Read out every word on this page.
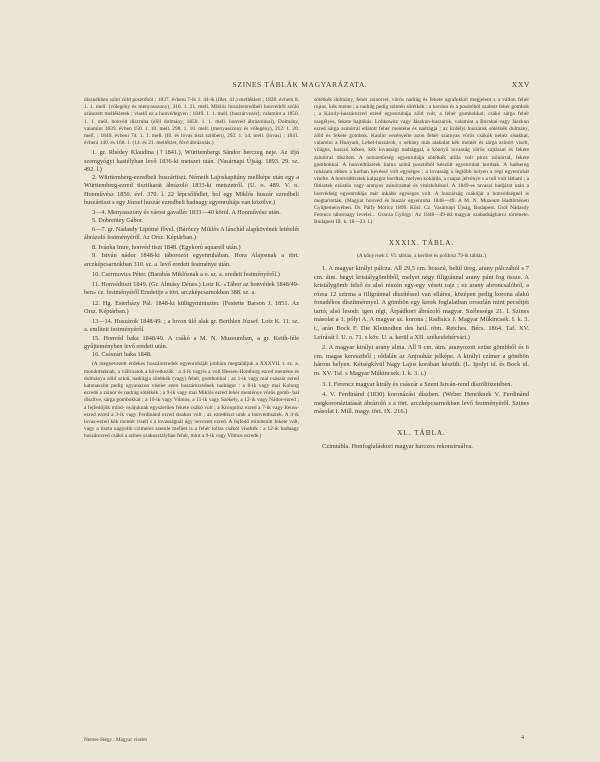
SZINES TÁBLÁK MAGYARÁZATA.	XXV

dísznékben színt zöld posztóból ; 1837. évbeni 7-ik 1. 44-ik (illet. 41.) mellékleti ; 1838. évbeni 8. 1. 1. mell. (vőlegény és menyasszony), 316. 1. 21. mell. Miklós huszárezredbeli honvédről szóló színezett mellékletek ; viselő ez a honvédegyen ; 1849. 1. 1. mell. (huszárvezér); valamint a 1850. 1. 1. mell. honvéd díszruha (elöl dolmány, 1850. 1. 1. mell. honvéd ábrázolásai), Dolmány, valamint 1839. évben 150. 1. 10. mell. 298. 1. 10. mell. (menyasszony és vőlegény), 212. 1. 20. mell. ; 1840. évbeni 74. 1. 1. mell. (fő. és lovas tiszt színben), 292. 1. 14. mell. (lovas) ; 1841. évbeni 140. és 168. 1. (14. és 21. melléklet, fővé ábrázolás.)

1. gr. Rhédey Klaudina (†1841.), Württembergi Sándor herczeg neje. Az ifjú szemgyógyi kastélyban levő 1836-ki metszet után. (Vasárnapi Újság. 1893. 29. sz. 492. l.)

2. Württemberg-ezredbeli huszártiszt. Németh Lajoskapitány mellképe után egy a Württemberg-ezred tisztikarát ábrázoló 1833-ki metszetről. (U. o. 489. V. o. Honművész 1850. évf. 370. l. 22 lépcsőlődlet, hol egy Miklós huszár ezredbeli huszártiszt s egy József huszár ezredbeli hadnagy egyenruhája van közölve.)

3—4. Menyasszony és városi gavallér 1833—40 körül. A Honművész után.

5. Dobrentey Gábor.

6—7. gr. Nádasdy Lipótné fővel. (Báróczy Miklós A lánchíd alapkövének letételét ábrázoló festményéről. Az Orsz. Képtárban.)

8. Ivánka Imre, honvéd tiszt 1848. (Egykorú aquarell után.)

9. István nádor 1848-ki táborozói egyenruhában. Hora Alajosnak a tört. arczképcsarnokban 310. sz. a. levő eredeti festménye után.

10. Csermovics Péter. (Barabás Miklósnak a o. sz. a. eredeti festményéről.)

11. Honvédtiszt 1849. (Gr. Almásy Dénes.) Lotz K. «Tábor az honvédek 1848/49-ben» cz. festményéről Erudetije a tört. arczképcsarnokban 388. sz. a.

12. Hg. Esterházy Pál. 1848-ki külügyminiszter. (Festette Barson J. 1851. Az Orsz. Képtárban.)

13—14. Huszárok 1848/49. ; a lovon ülő alak gr. Berthlen József. Lotz K. 11. sz. a. említett festményéről.

15. Honvéd baka 1848/49. A csákó a M. N. Muzeumban, a gr. Keith-féle gyűjteményben levő eredeti után.

16. Császári baka 1848.

(A megnevezett érdekes huszárezredek egyenruháját jobbára megtaláljuk a XXXVII. t. sz. a. mondottaknak, a vállcsatok a következők : a 4-ik vagyis a volt Hessen-Homburg ezred menténe és dolmánya zöld színű, nadrágja sötétkék (vagy) fehér, gombokkal ; az 1-ik vagy mai császár ezred katonaszínt pedig ugyanazon viselet ezen huszárezrednek nadrágot : a 8-ik vagy mai Koburg ezredé a zsinór és nadrág sötétkék ; a 9-ik vagy mai Miklós ezred fehér menténye vörös gomb- bal díszítve, sárga gombokkal ; a 10-ik vagy Vilmos, a 11-ik vagy Székely, a 12-ik vagy Nádor-ezred ; a fejfedőjük mind- nyájuknak egyszerűen fekete csákó volt ; a Kronprinz ezred a 7-ik vagy Reuss-ezred ezred a 3-ik vagy Ferdinánd ezred sisakos volt ; az ezredtiszt urak a honvédtisztek. A 4-ik lovas-ezred kék mentét viselt s a lovasságnál úgy nevezett ezred. A fejfedő mindenütt fekete volt, vagy a tiszta nagyobb czimeres szemle mellett is a fehér tollas csákót viselték : a 12-ik hadnagy huszárezred csákó a színes szakosztályban fehér, mint a 9-ik vagy Vilmos ezredé.)

sötétkék dolmány, fehér zsinórrel, vörös nadrág és fekete agrafekkel megjelent s a vállon fehér rojtos, kék mente ; a nadrág pedig szintén sötétkék ; a kordon és a posztóból szabott fehér gombok ; a Károly-huszárezred ezred egyenruhája zöld volt, a fehér gombokkal; csákó sárga fehér szegélyes, fekete hajtókás. Lobkowitz vagy Jászkun-huszárok, valamint a Bocskai-vagy Jászkun ezred sárga zsinórral ellátott fehér menténe és nadrágja ; az Erdélyi huszárok sötétkék dolmány, zöld és fekete gombok. Kaulin vezényelte azon fehér szárnyas vörös csákók nehéz sisakkal, valamint a Hunyadi, Lehel-huszárok, s néhány más alakulat kék mentét és sárga zsinórt viselt, világos, hosszú kéken, kék lovassági nadrággal, a könnyű lovasság vörös sujtással és fekete zsinórral díszített. A nemzetőrség egyenruhája sötétkék atilla volt piros zsinórral, fekete gombokkal. A honvédtüzérek barna színű posztóból készült egyenruhát hordtak. A hadsereg ruházata ebben a korban kevéssé volt egységes ; a lovasság a legtöbb helyen a régi egyenruhát viselte. A honvédtisztek kalpagot hordtak, melyen kokárda, a csapat jelvénye s a toll volt látható ; a főtisztek ezüstös vagy aranyos zsinórzattal és vitézkötéssel. A 1849-es tavaszi hadjárat után a honvédség egyenruhája már inkább egységes volt. A huszárság csákóját a honvédségnél is megtartották. (Magyar honvéd és huszár egyenruha 1848—49. A M. N. Muzeum Hadtörténeti Gyűjteményében. Dr. Pálfy Móricz 1899. Közl. Cz. Vasárnapi Újság, Budapest. Gróf Nádasdy Ferencz tábornagy levelei... Gracza György: Az 1848—49-iki magyar szabadságharcz története. Budapest III. k. 18—23. l.)

XXXIX. TÁBLA.
(A könyvnek I. VI. táblán, a kerület és polihisz 79-ik tábláz.)

1. A magyar királyi pálcza. All 29,5 cm. hosszú, belül üreg, arany pálczából s 7 cm. átm. hegyi kristálygömbből, melyet négy filigránnal arany pánt fog össze. A kristálygömb felső és alsó részén egy-egy vésett rajz ; ez arany abroncsalóból, a rózsa 12 szirma a filigránnal díszítéssel van ellátva, középen pedig korona alakú fonadékos díszítménnyel. A gömbön egy kerek foglalatban oroszlán mint pecsétjét tartó; alsó lesodr. igen régi, Árpádkori ábrázoló magyar. Szélessége 21. l. Szines másolat a 1. pólyi A. A magyar sz. korona ; Radisics J. Magyar Műkincsek. I. k. 3. t., arán Bock F. Die Kleinodien des heil. röm. Reiches. Bécs. 1864. Taf. XV. Leírását l. U. o. 71. s köv. U. a. kerül a XII. székesfehérvári.)

2. A magyar királyi arany alma. All 9 cm. átm. aranyozott ezüst gömbből és 6 cm. magas keresztből ; oldalán az Anjouház jelképe. A királyi czímer a gömbön három helyen. Kétségkívül Nagy Lajos korában készült. (L. Ipolyi id. és Bock id. m. XV. Taf. s Magyar Műkincsek. I. k. 3. t.)

3. I. Ferencz magyar király és császár a Szent István-rend díszöltözetében.

4. V. Ferdinánd (1830) koronázási díszben. (Weber Henriknek V. Ferdinánd megkoronáztatását ábrázoló s a tört. arczképcsarnokban levő festményéről. Szines másolat I. Mill. magy. tört. IX. 216.)

XL. TÁBLA.

Czimtábla. Honfoglaláskori magyar harczos rekonstruálva.

Nemes-Stégy : Magyar viselet	4
